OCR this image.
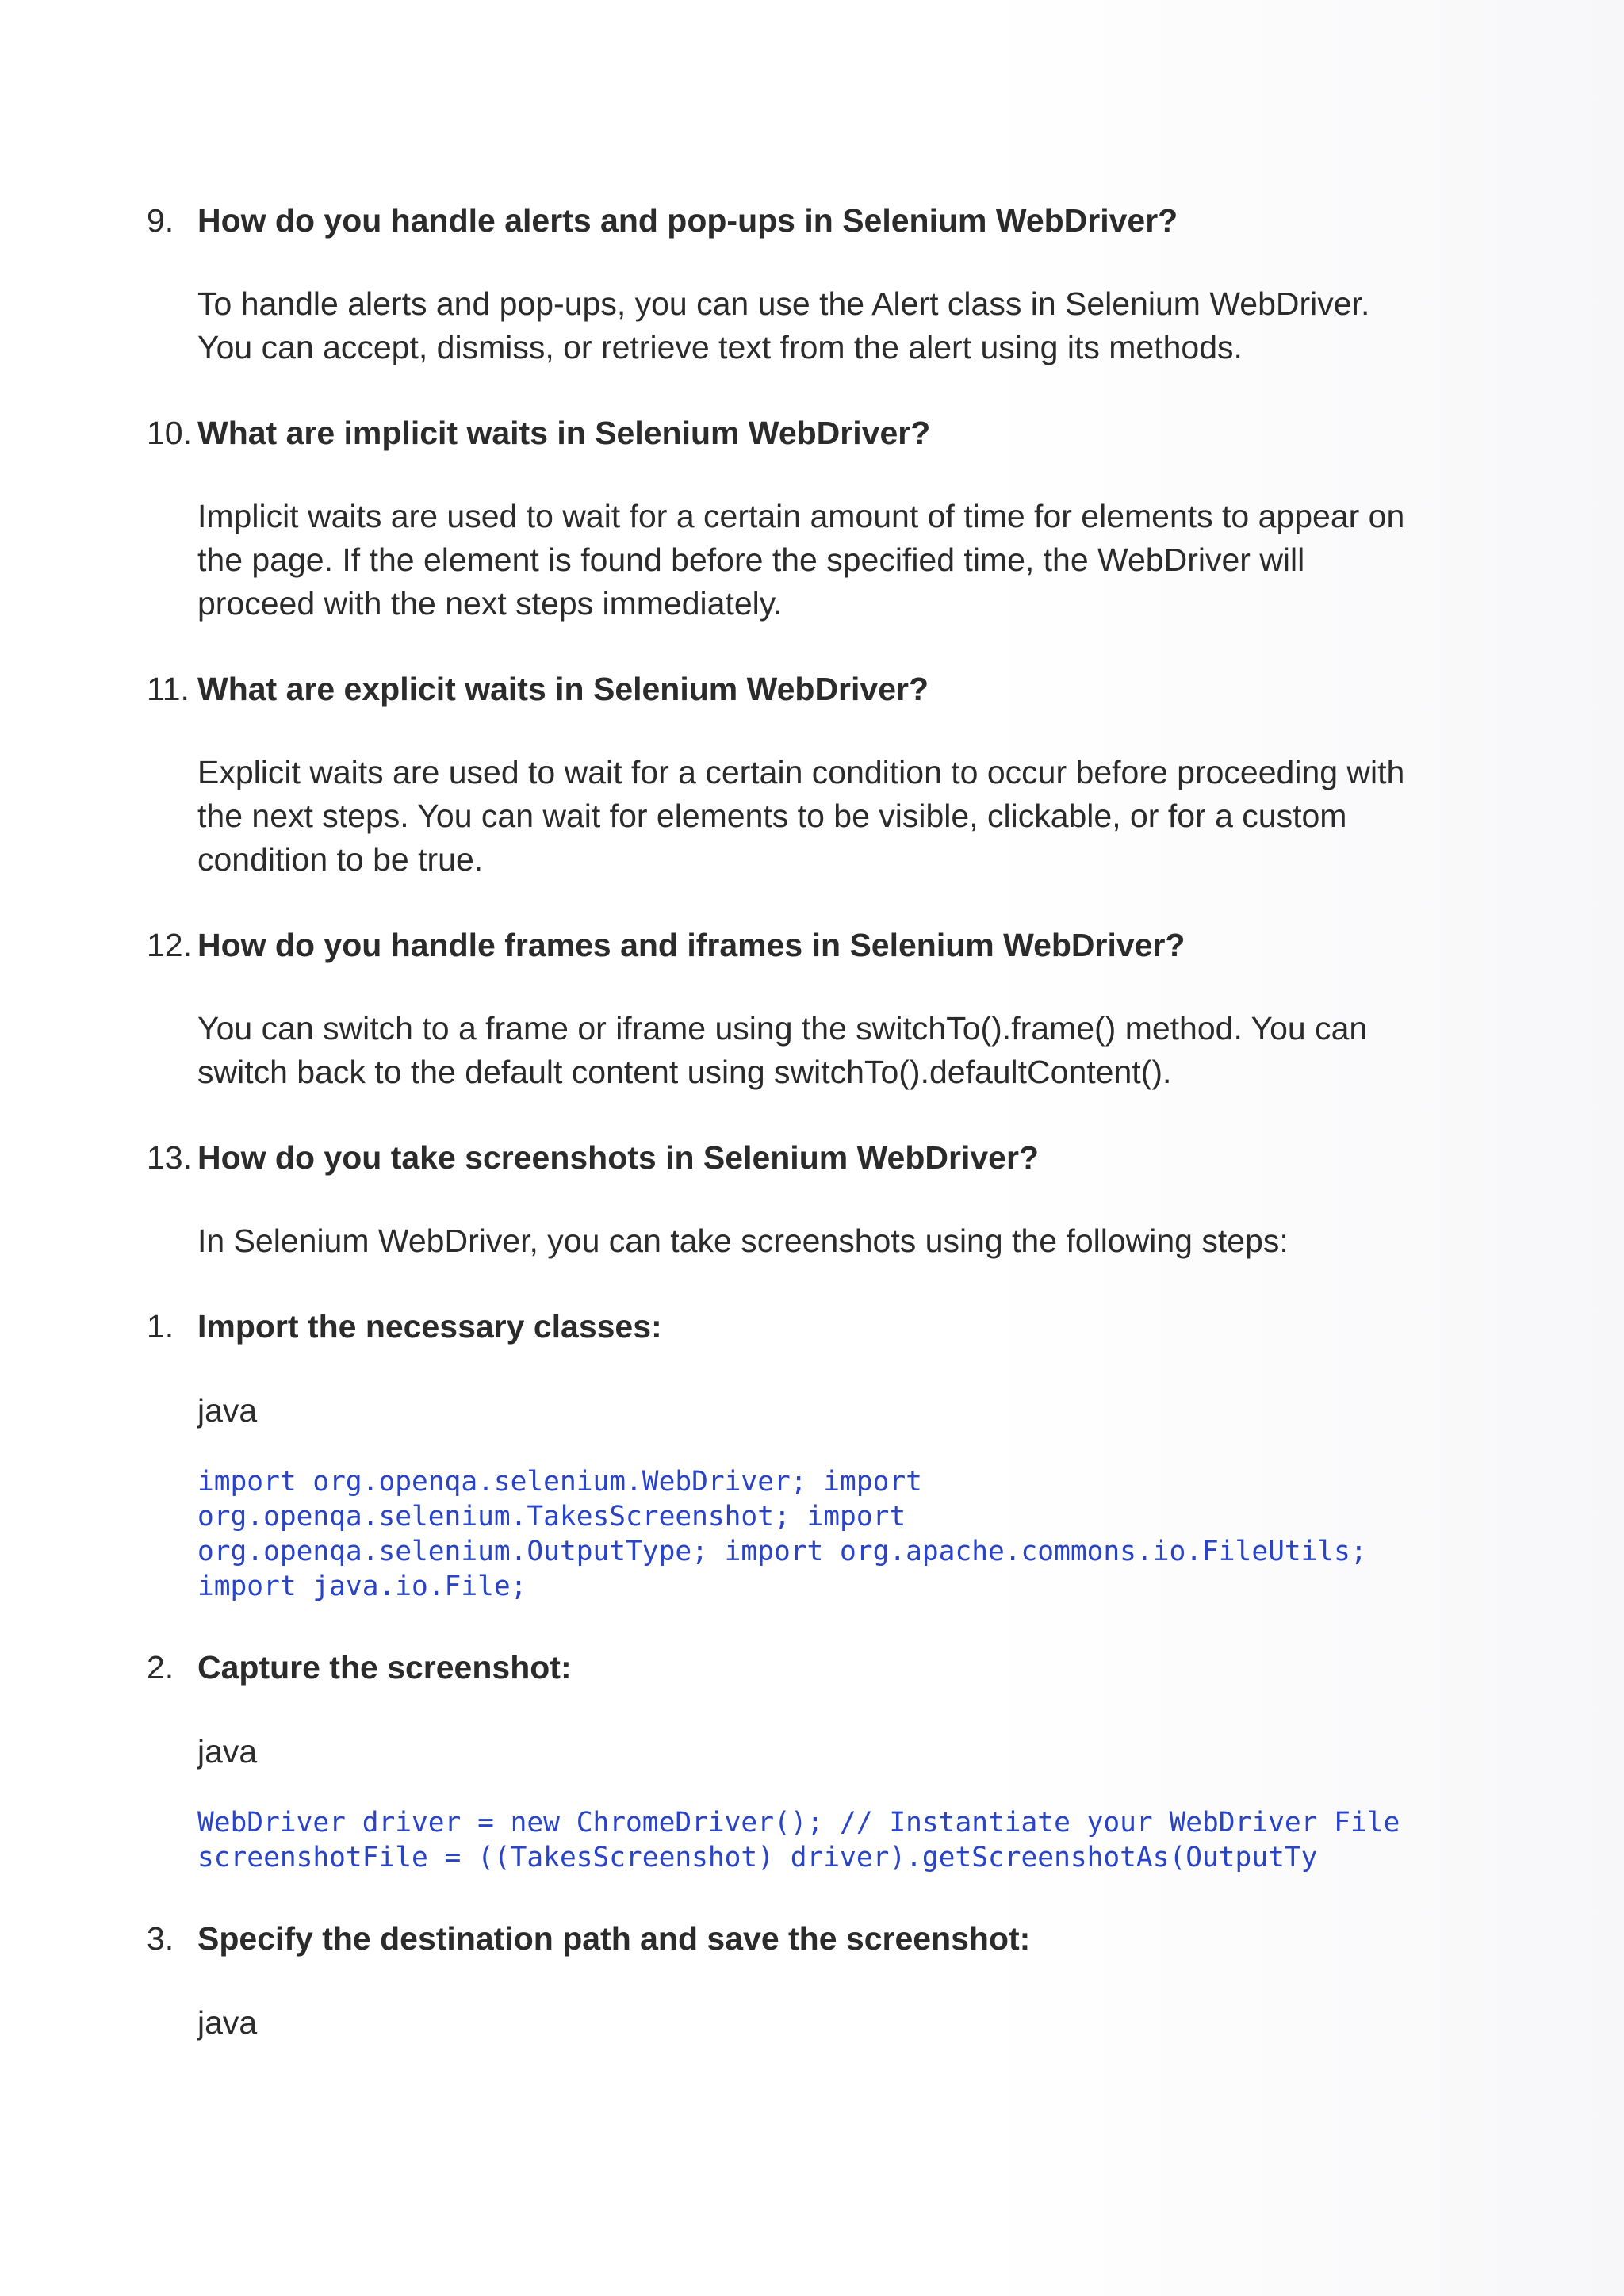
9. How do you handle alerts and pop-ups in Selenium WebDriver?

To handle alerts and pop-ups, you can use the Alert class in Selenium WebDriver.
You can accept, dismiss, or retrieve text from the alert using its methods.

10. What are implicit waits in Selenium WebDriver?

Implicit waits are used to wait for a certain amount of time for elements to appear on
the page. If the element is found before the specified time, the WebDriver will
proceed with the next steps immediately.

11. What are explicit waits in Selenium WebDriver?

Explicit waits are used to wait for a certain condition to occur before proceeding with
the next steps. You can wait for elements to be visible, clickable, or for a custom
condition to be true.

12. How do you handle frames and iframes in Selenium WebDriver?

You can switch to a frame or iframe using the switchTo().frame() method. You can
switch back to the default content using switchTo().defaultContent().

13. How do you take screenshots in Selenium WebDriver?

In Selenium WebDriver, you can take screenshots using the following steps:

1. Import the necessary classes:

java

import org.openqa.selenium.WebDriver; import
org.openqa.selenium.TakesScreenshot; import
org.openqa.selenium.OutputType; import org.apache.commons.io.FileUtils;
import java.io.File;
2. Capture the screenshot:

java

WebDriver driver = new ChromeDriver(); // Instantiate your WebDriver File
screenshotFile = ((TakesScreenshot) driver).getScreenshotAs(OutputTy
3. Specify the destination path and save the screenshot:

java
